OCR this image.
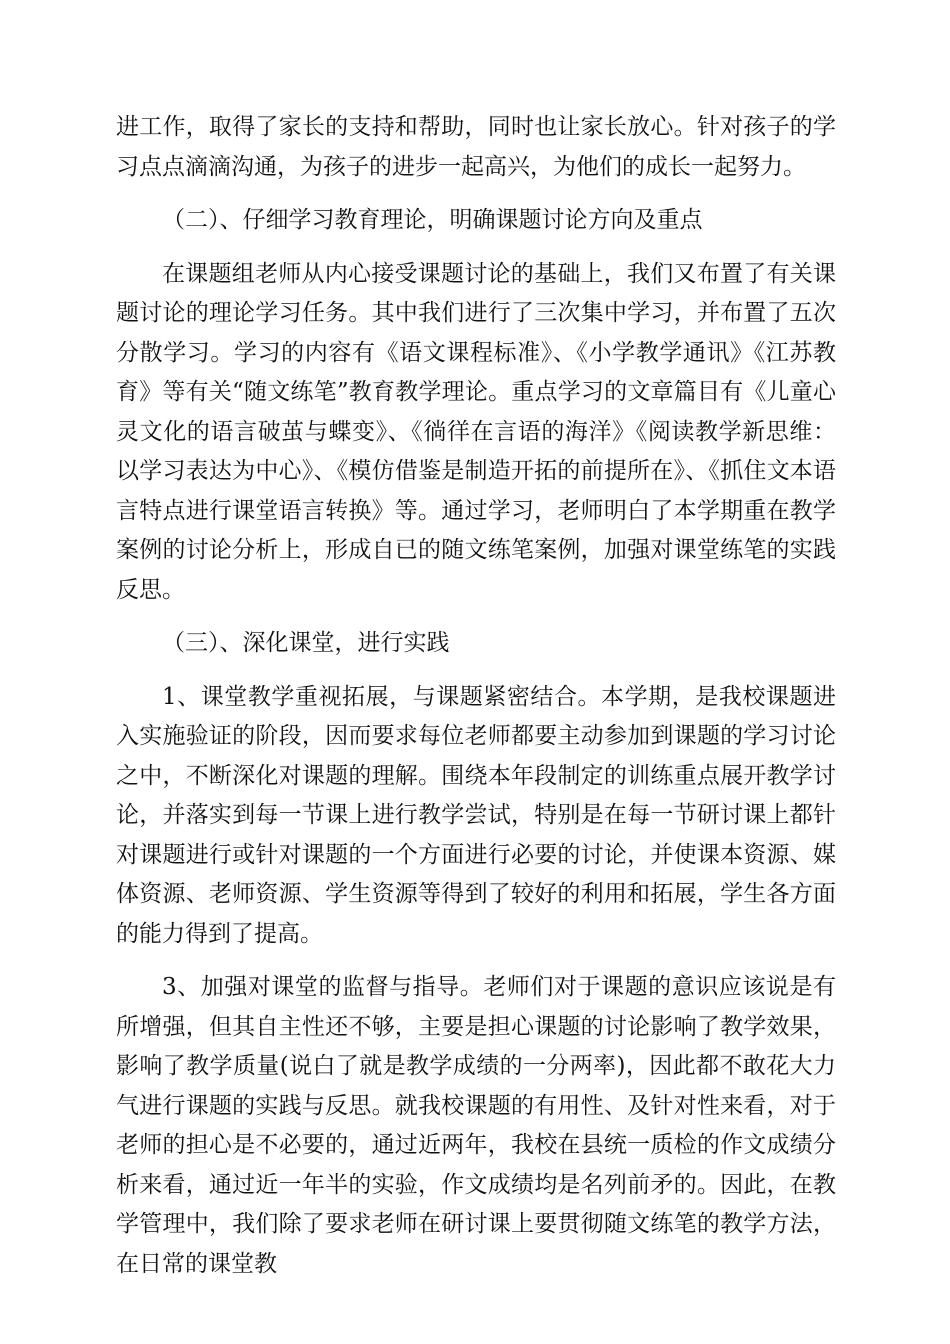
进工作，取得了家长的支持和帮助，同时也让家长放心。针对孩子的学习点点滴滴沟通，为孩子的进步一起高兴，为他们的成长一起努力。

（二）、仔细学习教育理论，明确课题讨论方向及重点

在课题组老师从内心接受课题讨论的基础上，我们又布置了有关课题讨论的理论学习任务。其中我们进行了三次集中学习，并布置了五次分散学习。学习的内容有《语文课程标准》、《小学教学通讯》《江苏教育》等有关“随文练笔”教育教学理论。重点学习的文章篇目有《儿童心灵文化的语言破茧与蝶变》、《徜徉在言语的海洋》《阅读教学新思维：以学习表达为中心》、《模仿借鉴是制造开拓的前提所在》、《抓住文本语言特点进行课堂语言转换》等。通过学习，老师明白了本学期重在教学案例的讨论分析上，形成自已的随文练笔案例，加强对课堂练笔的实践反思。

（三）、深化课堂，进行实践

1、课堂教学重视拓展，与课题紧密结合。本学期，是我校课题进入实施验证的阶段，因而要求每位老师都要主动参加到课题的学习讨论之中，不断深化对课题的理解。围绕本年段制定的训练重点展开教学讨论，并落实到每一节课上进行教学尝试，特别是在每一节研讨课上都针对课题进行或针对课题的一个方面进行必要的讨论，并使课本资源、媒体资源、老师资源、学生资源等得到了较好的利用和拓展，学生各方面的能力得到了提高。

3、加强对课堂的监督与指导。老师们对于课题的意识应该说是有所增强，但其自主性还不够，主要是担心课题的讨论影响了教学效果，影响了教学质量(说白了就是教学成绩的一分两率)，因此都不敢花大力气进行课题的实践与反思。就我校课题的有用性、及针对性来看，对于老师的担心是不必要的，通过近两年，我校在县统一质检的作文成绩分析来看，通过近一年半的实验，作文成绩均是名列前矛的。因此，在教学管理中，我们除了要求老师在研讨课上要贯彻随文练笔的教学方法，在日常的课堂教
